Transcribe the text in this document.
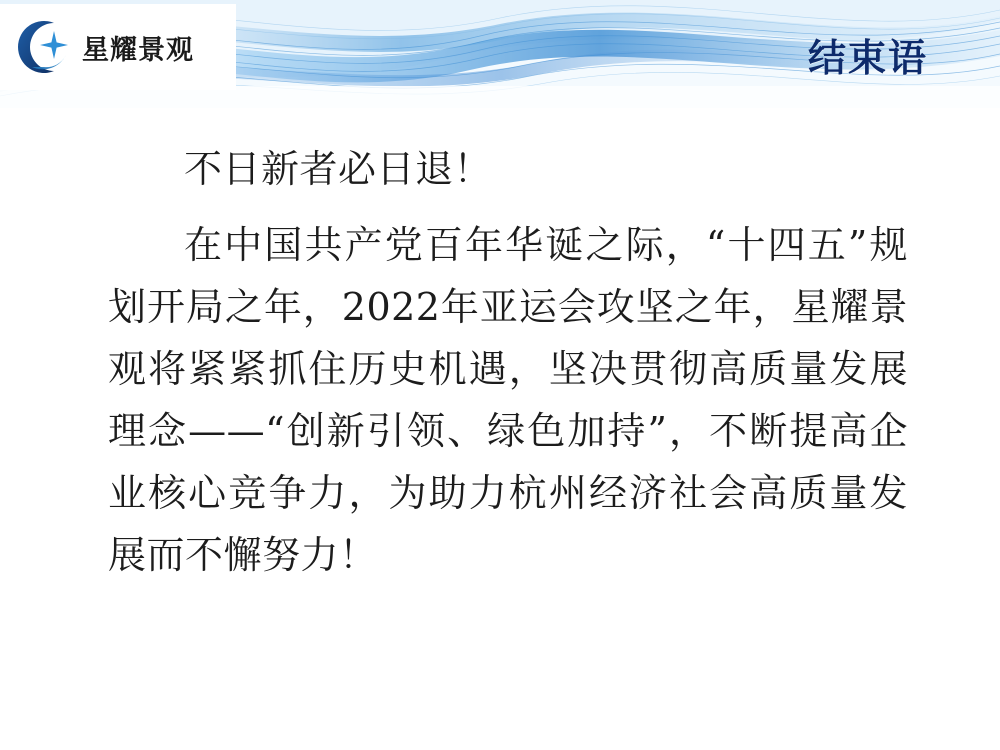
星耀景观	结束语

不日新者必日退！

在中国共产党百年华诞之际，“十四五”规划开局之年，2022年亚运会攻坚之年，星耀景观将紧紧抓住历史机遇，坚决贯彻高质量发展理念——“创新引领、绿色加持”，不断提高企业核心竞争力，为助力杭州经济社会高质量发展而不懈努力！
